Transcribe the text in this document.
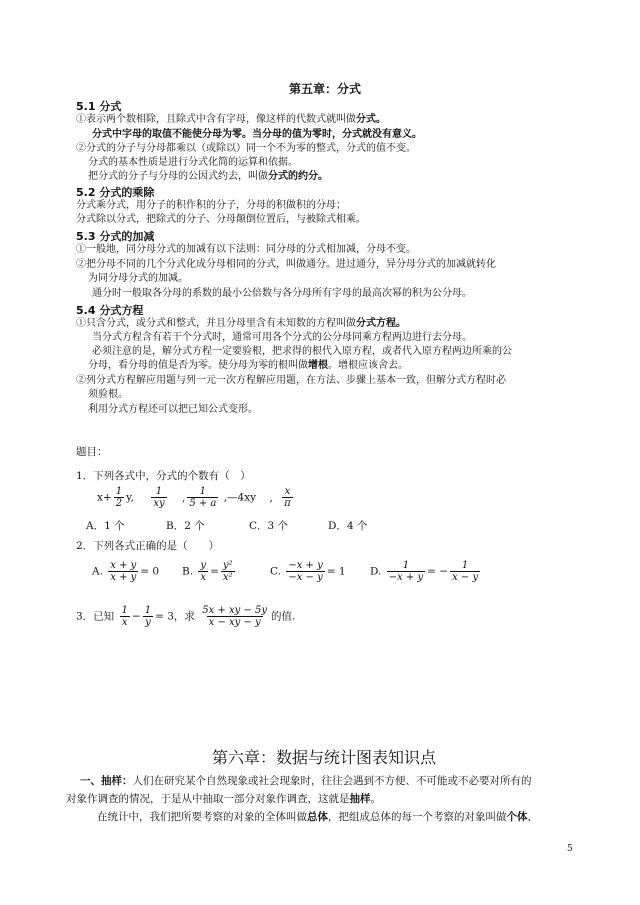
第五章：分式
5.1 分式
①表示两个数相除，且除式中含有字母，像这样的代数式就叫做分式。
分式中字母的取值不能使分母为零。当分母的值为零时，分式就没有意义。
②分式的分子与分母都乘以（或除以）同一个不为零的整式，分式的值不变。
分式的基本性质是进行分式化简的运算和依据。
把分式的分子与分母的公因式约去，叫做分式的约分。
5.2 分式的乘除
分式乘分式，用分子的积作积的分子，分母的积做积的分母；
分式除以分式，把除式的分子、分母颠倒位置后，与被除式相乘。
5.3 分式的加减
①一般地，同分母分式的加减有以下法则：同分母的分式相加减，分母不变。
②把分母不同的几个分式化成分母相同的分式，叫做通分。进过通分，异分母分式的加减就转化
为同分母分式的加减。
通分时一般取各分母的系数的最小公倍数与各分母所有字母的最高次幂的积为公分母。
5.4 分式方程
①只含分式，或分式和整式，并且分母里含有未知数的方程叫做分式方程。
当分式方程含有若干个分式时，通常可用各个分式的公分母同乘方程两边进行去分母。
必须注意的是，解分式方程一定要验根，把求得的根代入原方程，或者代入原方程两边所乘的公
分母，看分母的值是否为零。使分母为零的根叫做增根。增根应该舍去。
②列分式方程解应用题与列一元一次方程解应用题，在方法、步骤上基本一致，但解分式方程时必
须验根。
利用分式方程还可以把已知公式变形。
题目：
1．下列各式中，分式的个数有（　）
$x+ \frac{1}{2} y$, $\frac{1}{xy}$ , $\frac{1}{5 + a}$ ,—4xy , $\frac{x}{\pi}$
A．1 个	B．2 个	C．3 个	D．4 个
2．下列各式正确的是（　　）
A. $\frac{x + y}{x + y} = 0$ B. $\frac{y}{x} = \frac{\text{y²}}{\text{x²}}$	C. $\frac{-x + y}{-x - y} = 1$ D. $\frac{1}{-x + y}$ = − $\frac{1}{x - y}$
3．已知 $\frac{1}{x} - \frac{1}{y} = 3$，求 $\frac{5x + xy - 5y}{x - xy - y}$ 的值.
第六章：数据与统计图表知识点
一、抽样：人们在研究某个自然现象或社会现象时，往往会遇到不方便、不可能或不必要对所有的
对象作调查的情况，于是从中抽取一部分对象作调查，这就是抽样。
在统计中，我们把所要考察的对象的全体叫做总体，把组成总体的每一个考察的对象叫做个体，
5
